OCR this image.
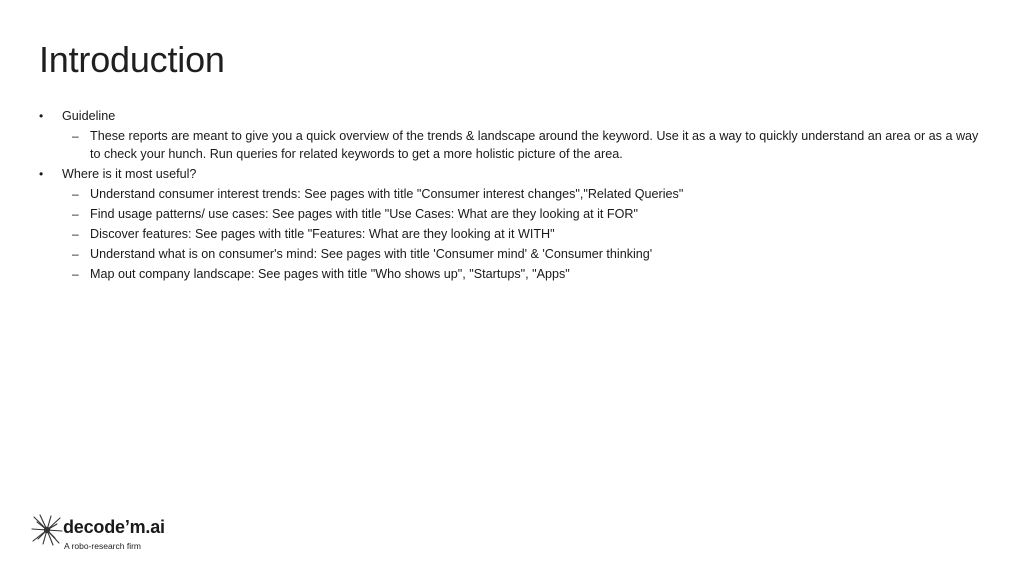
Introduction
•	Guideline
– These reports are meant to give you a quick overview of the trends & landscape around the keyword. Use it as a way to quickly understand an area or as a way to check your hunch. Run queries for related keywords to get a more holistic picture of the area.
•	Where is it most useful?
– Understand consumer interest trends: See pages with title "Consumer interest changes","Related Queries"
– Find usage patterns/ use cases: See pages with title "Use Cases: What are they looking at it FOR"
– Discover features: See pages with title "Features: What are they looking at it WITH"
– Understand what is on consumer's mind: See pages with title 'Consumer mind' & 'Consumer thinking'
– Map out company landscape: See pages with title "Who shows up", "Startups", "Apps"
decode’m.ai
A robo-research firm
